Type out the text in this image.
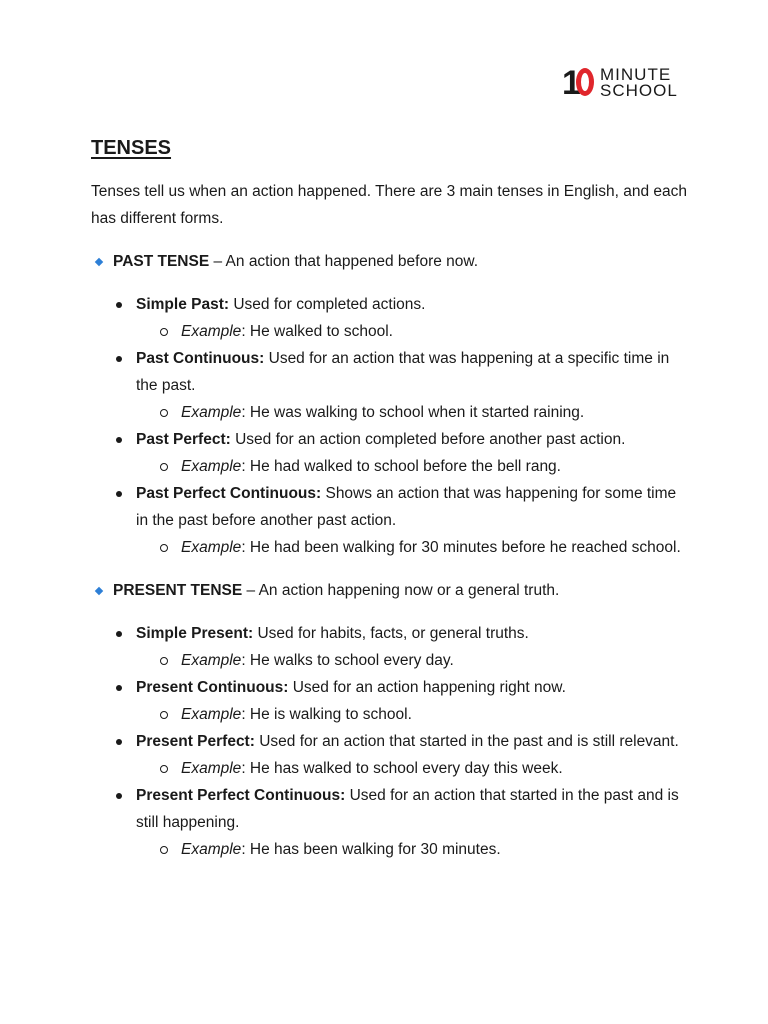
1 MINUTE
SCHOOL
TENSES

Tenses tell us when an action happened. There are 3 main tenses in English, and each has different forms.

PAST TENSE – An action that happened before now.
Simple Past: Used for completed actions.
Example: He walked to school.
Past Continuous: Used for an action that was happening at a specific time in the past.
Example: He was walking to school when it started raining.
Past Perfect: Used for an action completed before another past action.
Example: He had walked to school before the bell rang.
Past Perfect Continuous: Shows an action that was happening for some time in the past before another past action.
Example: He had been walking for 30 minutes before he reached school.
PRESENT TENSE – An action happening now or a general truth.
Simple Present: Used for habits, facts, or general truths.
Example: He walks to school every day.
Present Continuous: Used for an action happening right now.
Example: He is walking to school.
Present Perfect: Used for an action that started in the past and is still relevant.
Example: He has walked to school every day this week.
Present Perfect Continuous: Used for an action that started in the past and is still happening.
Example: He has been walking for 30 minutes.
